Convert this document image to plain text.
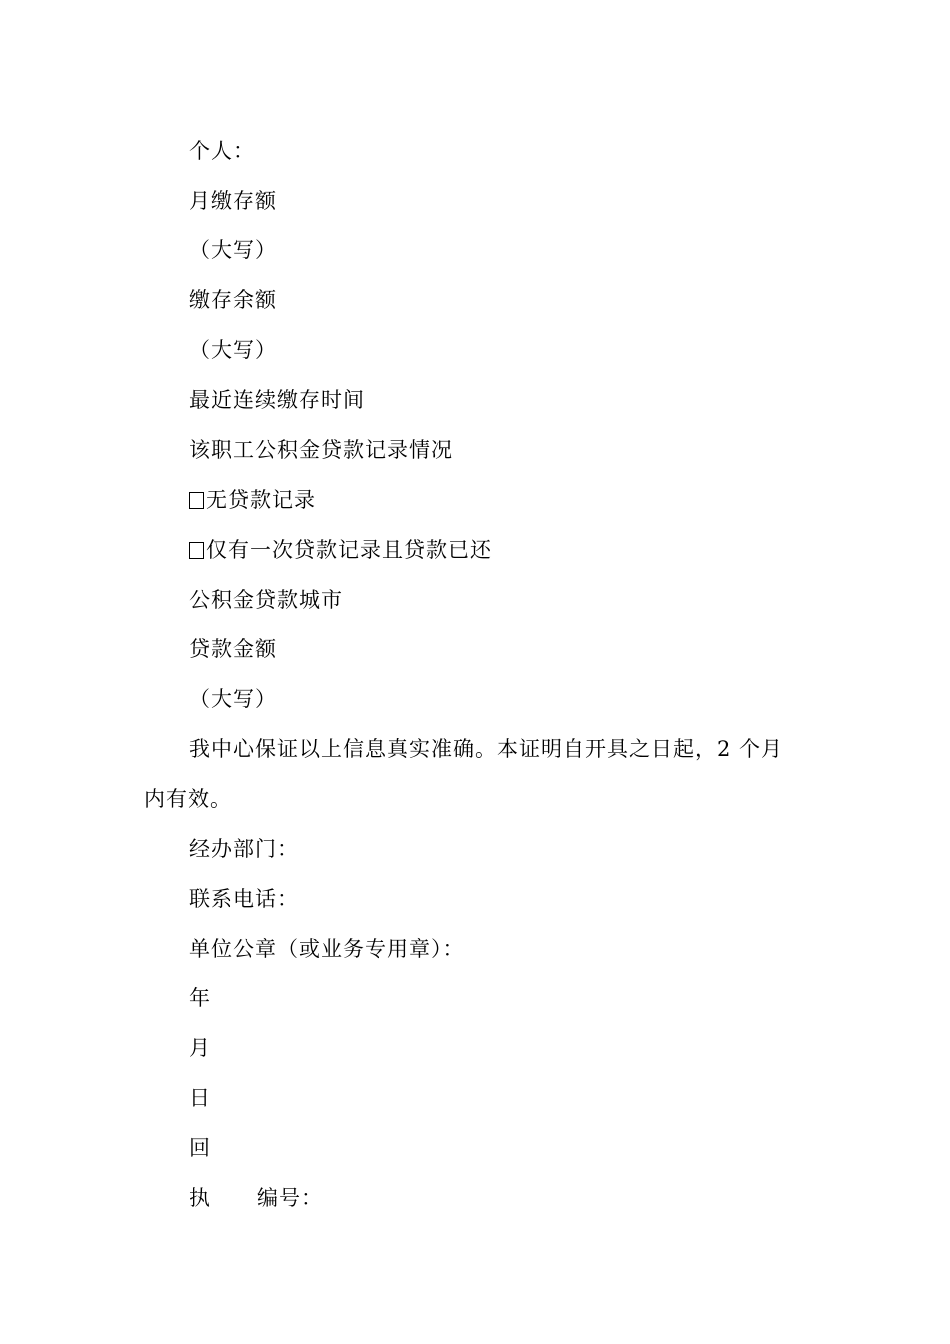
个人：
月缴存额
（大写）
缴存余额
（大写）
最近连续缴存时间
该职工公积金贷款记录情况
无贷款记录
仅有一次贷款记录且贷款已还
公积金贷款城市
贷款金额
（大写）
我中心保证以上信息真实准确。本证明自开具之日起，2 个月
内有效。
经办部门：
联系电话：
单位公章（或业务专用章）：
年
月
日
回
执 编号：
